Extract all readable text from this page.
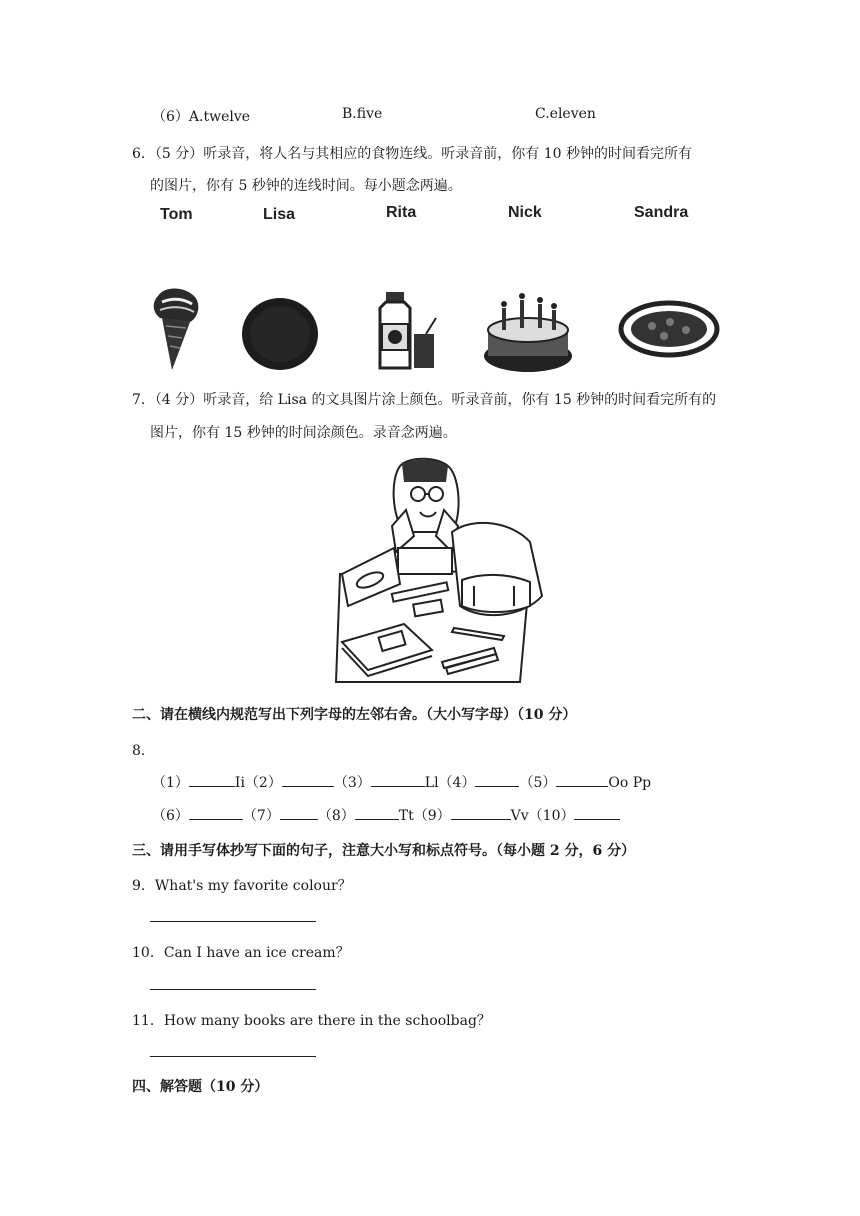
（6）A.twelve	B.five	C.eleven
6．（5 分）听录音，将人名与其相应的食物连线。听录音前，你有 10 秒钟的时间看完所有
的图片，你有 5 秒钟的连线时间。每小题念两遍。
Tom	Lisa	Rita	Nick	Sandra
7．（4 分）听录音，给 Lisa 的文具图片涂上颜色。听录音前，你有 15 秒钟的时间看完所有的
图片，你有 15 秒钟的时间涂颜色。录音念两遍。
二、请在横线内规范写出下列字母的左邻右舍。（大小写字母）（10 分）
8．
（1）	Ii（2）	（3）	Ll（4）	（5）	Oo Pp
（6）	（7）	（8）	Tt（9）	Vv（10）
三、请用手写体抄写下面的句子，注意大小写和标点符号。（每小题 2 分，6 分）
9．What's my favorite colour？
10．Can I have an ice cream？
11．How many books are there in the schoolbag？
四、解答题（10 分）
